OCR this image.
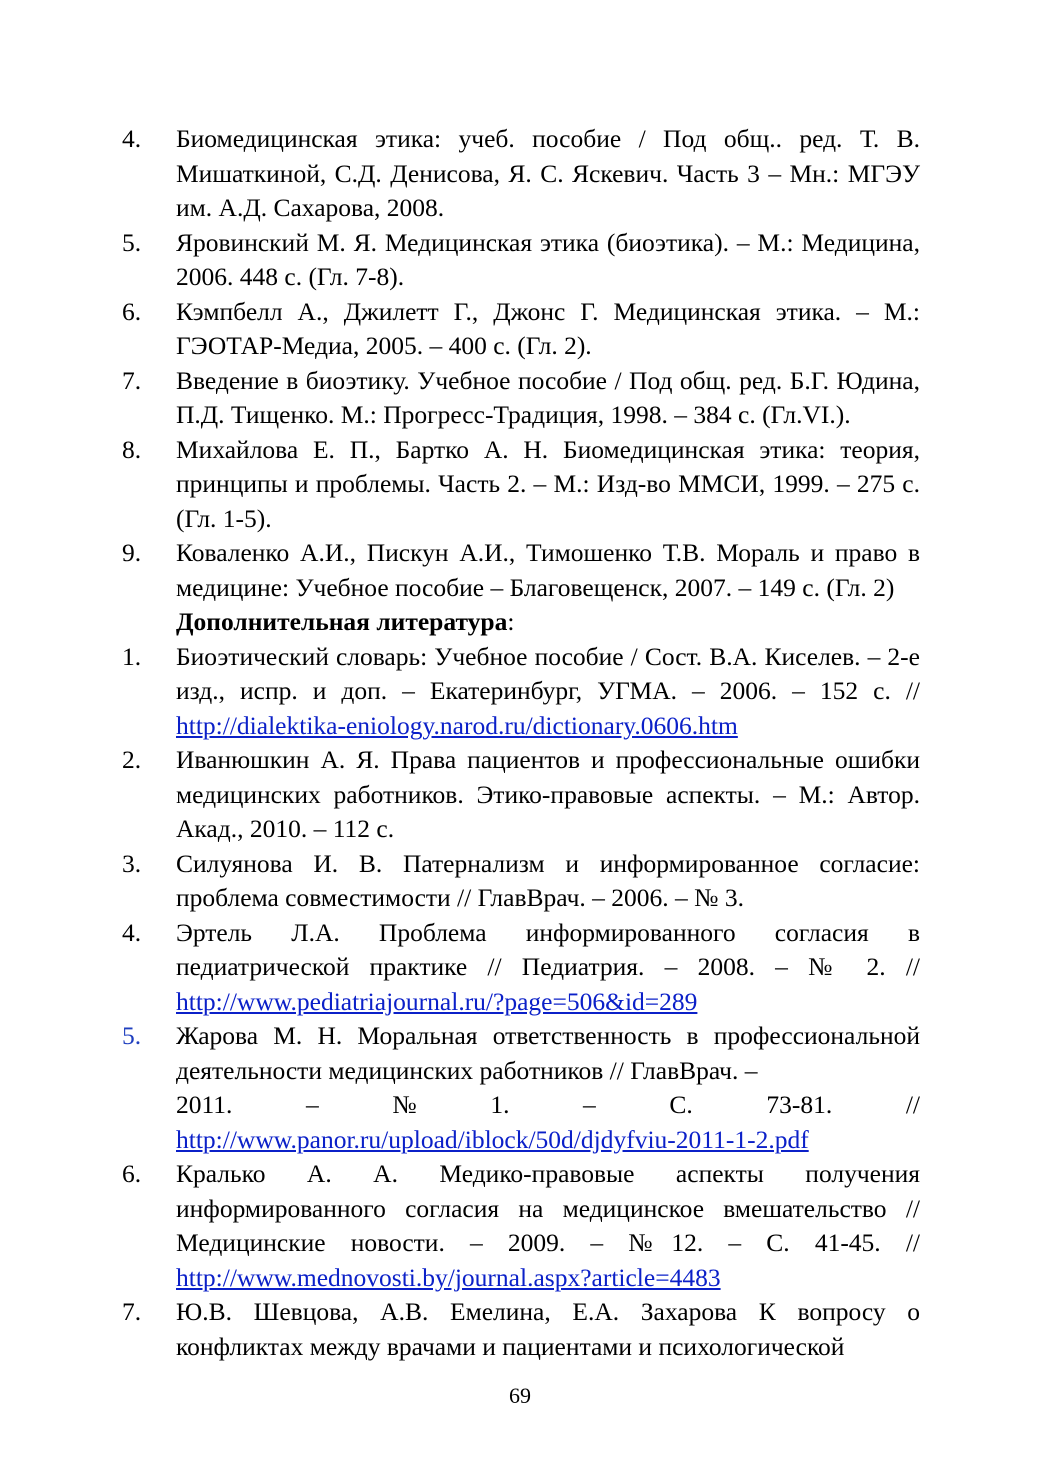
4. Биомедицинская этика: учеб. пособие / Под общ.. ред. Т. В. Мишаткиной, С.Д. Денисова, Я. С. Яскевич. Часть 3 – Мн.: МГЭУ им. А.Д. Сахарова, 2008.
5. Яровинский М. Я. Медицинская этика (биоэтика). – М.: Медицина, 2006. 448 с. (Гл. 7-8).
6. Кэмпбелл А., Джилетт Г., Джонс Г. Медицинская этика. – М.: ГЭОТАР-Медиа, 2005. – 400 с. (Гл. 2).
7. Введение в биоэтику. Учебное пособие / Под общ. ред. Б.Г. Юдина, П.Д. Тищенко. М.: Прогресс-Традиция, 1998. – 384 с. (Гл.VI.).
8. Михайлова Е. П., Бартко А. Н. Биомедицинская этика: теория, принципы и проблемы. Часть 2. – М.: Изд-во ММСИ, 1999. – 275 с. (Гл. 1-5).
9. Коваленко А.И., Пискун А.И., Тимошенко Т.В. Мораль и право в медицине: Учебное пособие – Благовещенск, 2007. – 149 с. (Гл. 2)
Дополнительная литература:
1. Биоэтический словарь: Учебное пособие / Сост. В.А. Киселев. – 2-е изд., испр. и доп. – Екатеринбург, УГМА. – 2006. – 152 с. // http://dialektika-eniology.narod.ru/dictionary.0606.htm
2. Иванюшкин А. Я. Права пациентов и профессиональные ошибки медицинских работников. Этико-правовые аспекты. – М.: Автор. Акад., 2010. – 112 с.
3. Силуянова И. В. Патернализм и информированное согласие: проблема совместимости // ГлавВрач. – 2006. – № 3.
4. Эртель Л.А. Проблема информированного согласия в педиатрической практике // Педиатрия. – 2008. – № 2. // http://www.pediatriajournal.ru/?page=506&id=289
5. Жарова М. Н. Моральная ответственность в профессиональной деятельности медицинских работников // ГлавВрач. –
2011.	–	№	1.	–	С.	73-81.	//
http://www.panor.ru/upload/iblock/50d/djdyfviu-2011-1-2.pdf
6. Кралько А. А. Медико-правовые аспекты получения информированного согласия на медицинское вмешательство // Медицинские новости. – 2009. – №12. – С. 41-45. // http://www.mednovosti.by/journal.aspx?article=4483
7. Ю.В. Шевцова, А.В. Емелина, Е.А. Захарова К вопросу о конфликтах между врачами и пациентами и психологической
69
